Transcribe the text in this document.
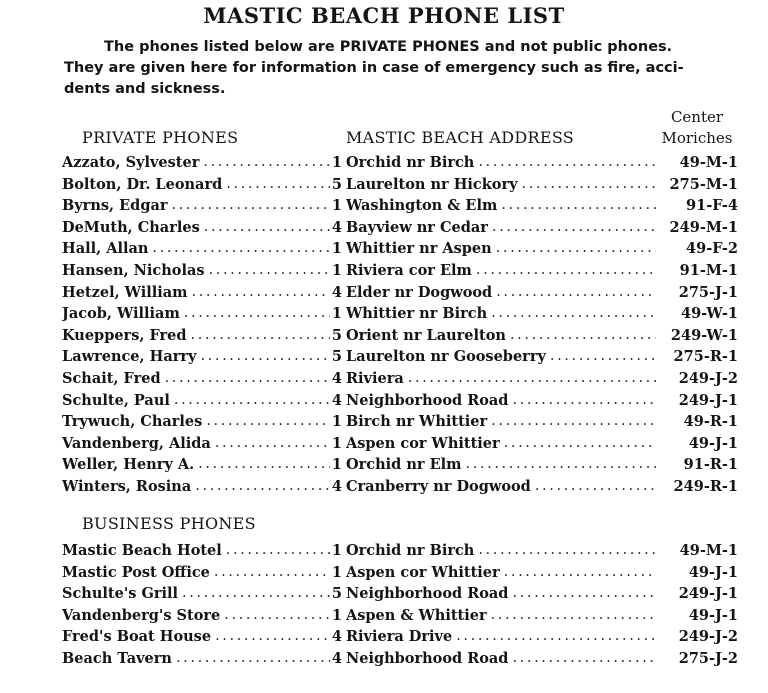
MASTIC BEACH PHONE LIST

The phones listed below are PRIVATE PHONES and not public phones.
They are given here for information in case of emergency such as fire, acci-
dents and sickness.

Center
Moriches
PRIVATE PHONES	MASTIC BEACH ADDRESS
Azzato, Sylvester .....	1 Orchid nr Birch .....	49-M-1
Bolton, Dr. Leonard .....	5 Laurelton nr Hickory .....	275-M-1
Byrns, Edgar .....	1 Washington & Elm .....	91-F-4
DeMuth, Charles .....	4 Bayview nr Cedar .....	249-M-1
Hall, Allan .....	1 Whittier nr Aspen .....	49-F-2
Hansen, Nicholas .....	1 Riviera cor Elm .....	91-M-1
Hetzel, William .....	4 Elder nr Dogwood .....	275-J-1
Jacob, William .....	1 Whittier nr Birch .....	49-W-1
Kueppers, Fred .....	5 Orient nr Laurelton .....	249-W-1
Lawrence, Harry .....	5 Laurelton nr Gooseberry .....	275-R-1
Schait, Fred .....	4 Riviera .....	249-J-2
Schulte, Paul .....	4 Neighborhood Road .....	249-J-1
Trywuch, Charles .....	1 Birch nr Whittier .....	49-R-1
Vandenberg, Alida .....	1 Aspen cor Whittier .....	49-J-1
Weller, Henry A. .....	1 Orchid nr Elm .....	91-R-1
Winters, Rosina .....	4 Cranberry nr Dogwood .....	249-R-1
BUSINESS PHONES
Mastic Beach Hotel .....	1 Orchid nr Birch .....	49-M-1
Mastic Post Office .....	1 Aspen cor Whittier .....	49-J-1
Schulte's Grill .....	5 Neighborhood Road .....	249-J-1
Vandenberg's Store .....	1 Aspen & Whittier .....	49-J-1
Fred's Boat House .....	4 Riviera Drive .....	249-J-2
Beach Tavern .....	4 Neighborhood Road .....	275-J-2
